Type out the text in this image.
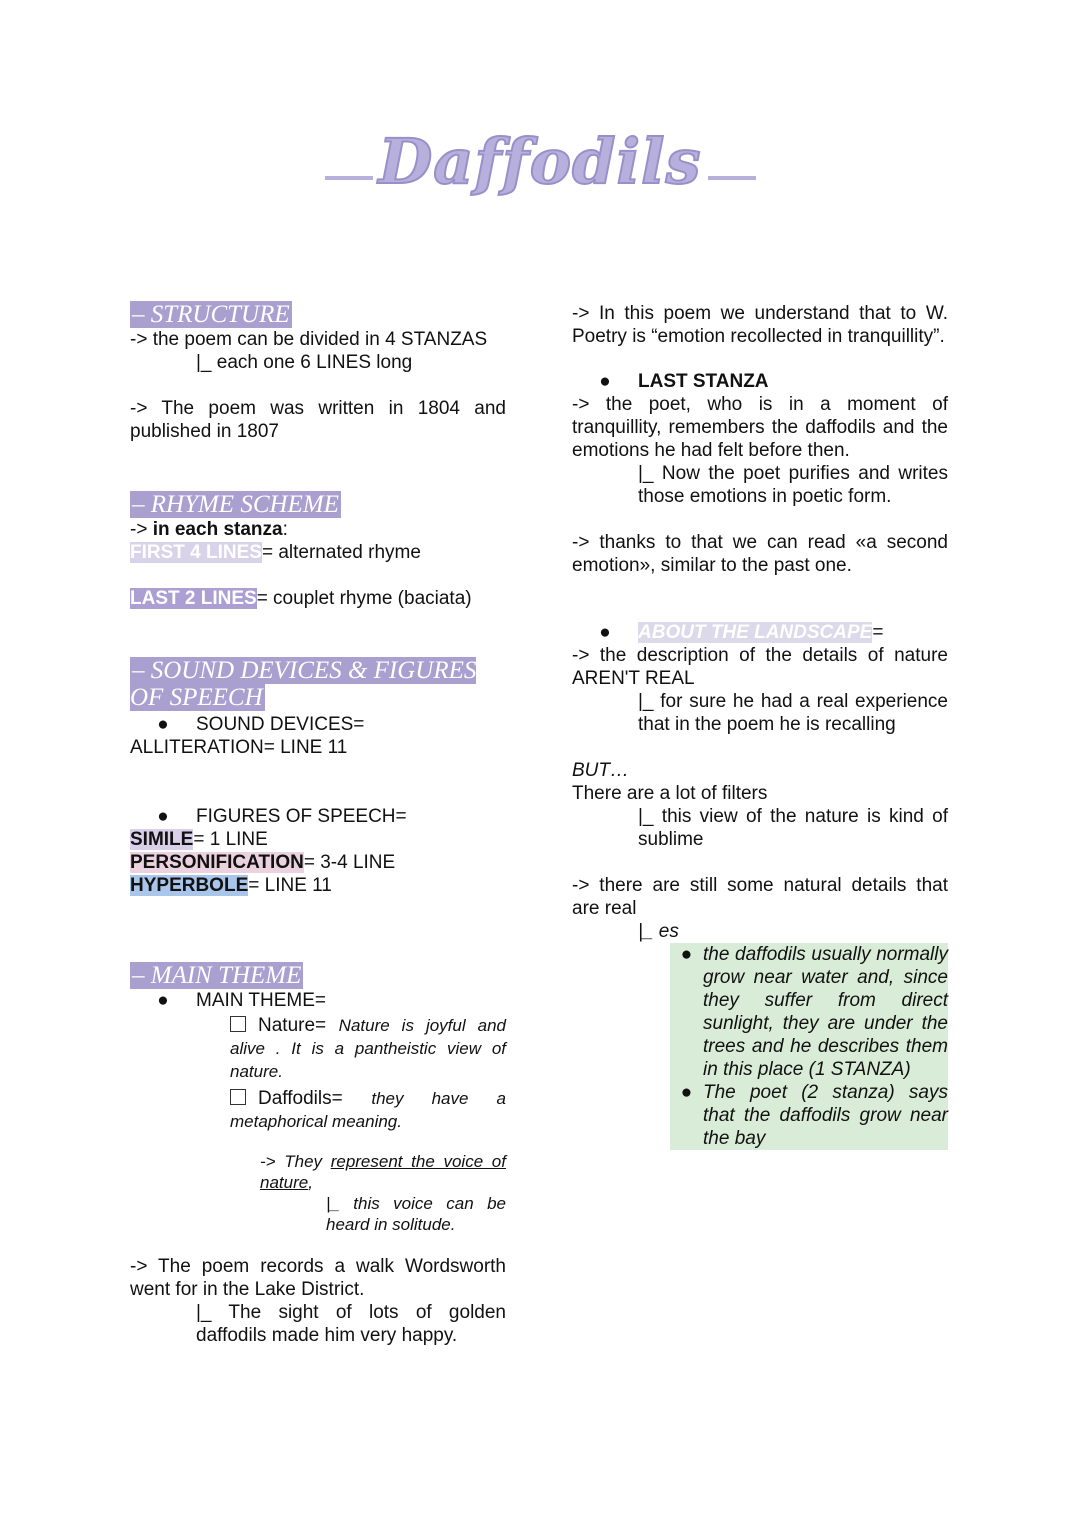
Daffodils
– STRUCTURE
-> the poem can be divided in 4 STANZAS
|_ each one 6 LINES long
-> The poem was written in 1804 and published in 1807
– RHYME SCHEME
-> in each stanza:
FIRST 4 LINES= alternated rhyme
LAST 2 LINES= couplet rhyme (baciata)
– SOUND DEVICES & FIGURES OF SPEECH
● SOUND DEVICES=
ALLITERATION= LINE 11
● FIGURES OF SPEECH=
SIMILE= 1 LINE
PERSONIFICATION= 3-4 LINE
HYPERBOLE= LINE 11
– MAIN THEME
● MAIN THEME=
Nature= Nature is joyful and alive . It is a pantheistic view of nature.
Daffodils= they have a metaphorical meaning.
-> They represent the voice of nature,
|_ this voice can be heard in solitude.
-> The poem records a walk Wordsworth went for in the Lake District.
|_ The sight of lots of golden daffodils made him very happy.
-> In this poem we understand that to W. Poetry is “emotion recollected in tranquillity”.
● LAST STANZA
-> the poet, who is in a moment of tranquillity, remembers the daffodils and the emotions he had felt before then.
|_ Now the poet purifies and writes those emotions in poetic form.
-> thanks to that we can read «a second emotion», similar to the past one.
● ABOUT THE LANDSCAPE=
-> the description of the details of nature AREN'T REAL
|_ for sure he had a real experience that in the poem he is recalling
BUT…
There are a lot of filters
|_ this view of the nature is kind of sublime
-> there are still some natural details that are real
|_ es
● the daffodils usually normally grow near water and, since they suffer from direct sunlight, they are under the trees and he describes them in this place (1 STANZA)
● The poet (2 stanza) says that the daffodils grow near the bay
